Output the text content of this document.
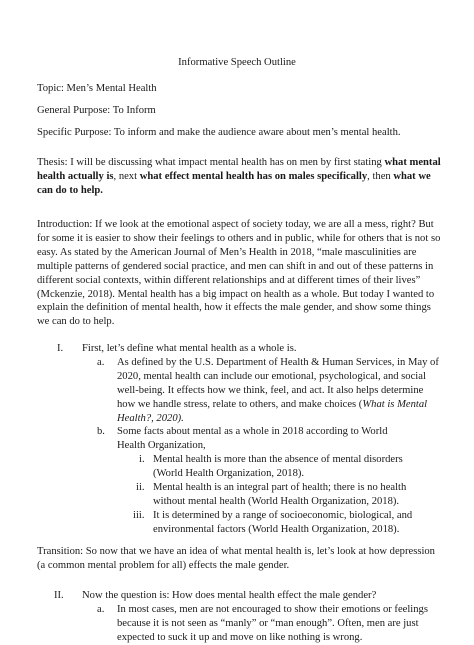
Informative Speech Outline

Topic: Men’s Mental Health

General Purpose: To Inform

Specific Purpose: To inform and make the audience aware about men’s mental health.

Thesis: I will be discussing what impact mental health has on men by first stating what mental health actually is, next what effect mental health has on males specifically, then what we can do to help.

Introduction: If we look at the emotional aspect of society today, we are all a mess, right? But for some it is easier to show their feelings to others and in public, while for others that is not so easy. As stated by the American Journal of Men’s Health in 2018, “male masculinities are multiple patterns of gendered social practice, and men can shift in and out of these patterns in different social contexts, within different relationships and at different times of their lives” (Mckenzie, 2018). Mental health has a big impact on health as a whole. But today I wanted to explain the definition of mental health, how it effects the male gender, and show some things we can do to help.

I. First, let’s define what mental health as a whole is.
a. As defined by the U.S. Department of Health & Human Services, in May of 2020, mental health can include our emotional, psychological, and social well-being. It effects how we think, feel, and act. It also helps determine how we handle stress, relate to others, and make choices (What is Mental Health?, 2020).
b. Some facts about mental as a whole in 2018 according to World Health Organization,
i. Mental health is more than the absence of mental disorders (World Health Organization, 2018).
ii. Mental health is an integral part of health; there is no health without mental health (World Health Organization, 2018).
iii. It is determined by a range of socioeconomic, biological, and environmental factors (World Health Organization, 2018).

Transition: So now that we have an idea of what mental health is, let’s look at how depression (a common mental problem for all) effects the male gender.

II. Now the question is: How does mental health effect the male gender?
a. In most cases, men are not encouraged to show their emotions or feelings because it is not seen as “manly” or “man enough”. Often, men are just expected to suck it up and move on like nothing is wrong.
